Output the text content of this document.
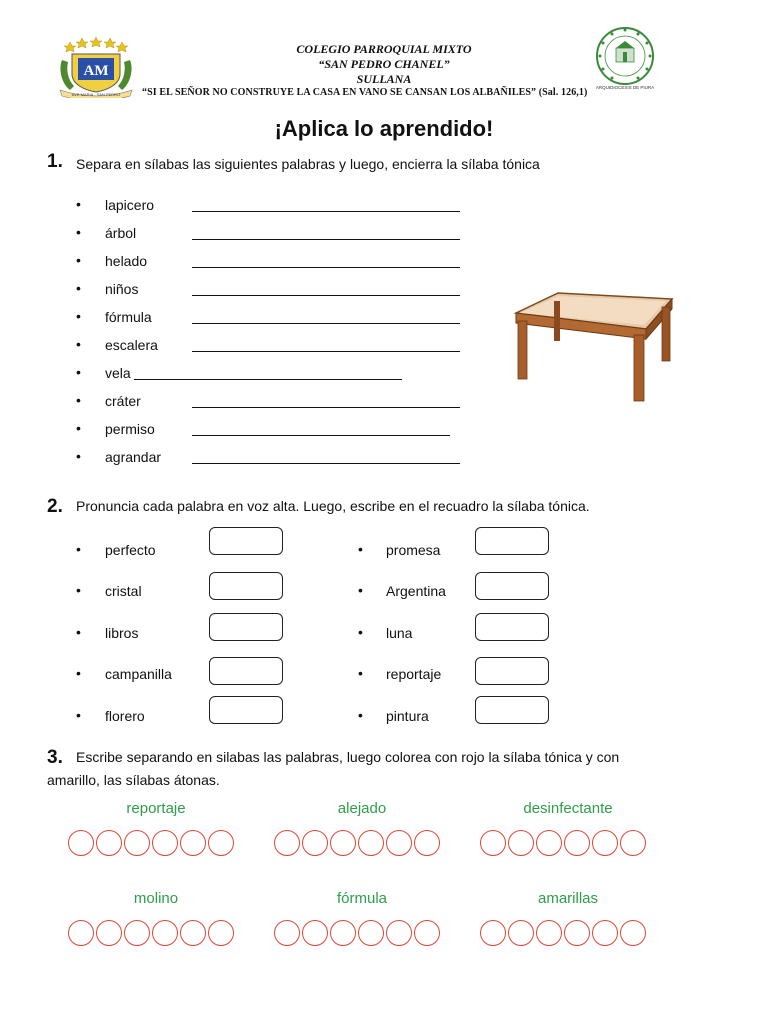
AM
AVE MARIA - SAN PEDRO
ARQUIDIOCESIS DE PIURA
COLEGIO PARROQUIAL MIXTO
“SAN PEDRO CHANEL”
SULLANA
“SI EL SEÑOR NO CONSTRUYE LA CASA EN VANO SE CANSAN LOS ALBAÑILES” (Sal. 126,1)
¡Aplica lo aprendido!
1. Separa en sílabas las siguientes palabras y luego, encierra la sílaba tónica
• lapicero
• árbol
• helado
• niños
• fórmula
• escalera
• vela
• cráter
• permiso
• agrandar
2. Pronuncia cada palabra en voz alta. Luego, escribe en el recuadro la sílaba tónica.
• perfecto	• promesa
• cristal	• Argentina
• libros	• luna
• campanilla	• reportaje
• florero	• pintura
3. Escribe separando en silabas las palabras, luego colorea con rojo la sílaba tónica y con
amarillo, las sílabas átonas.
reportaje	alejado	desinfectante
molino	fórmula	amarillas
